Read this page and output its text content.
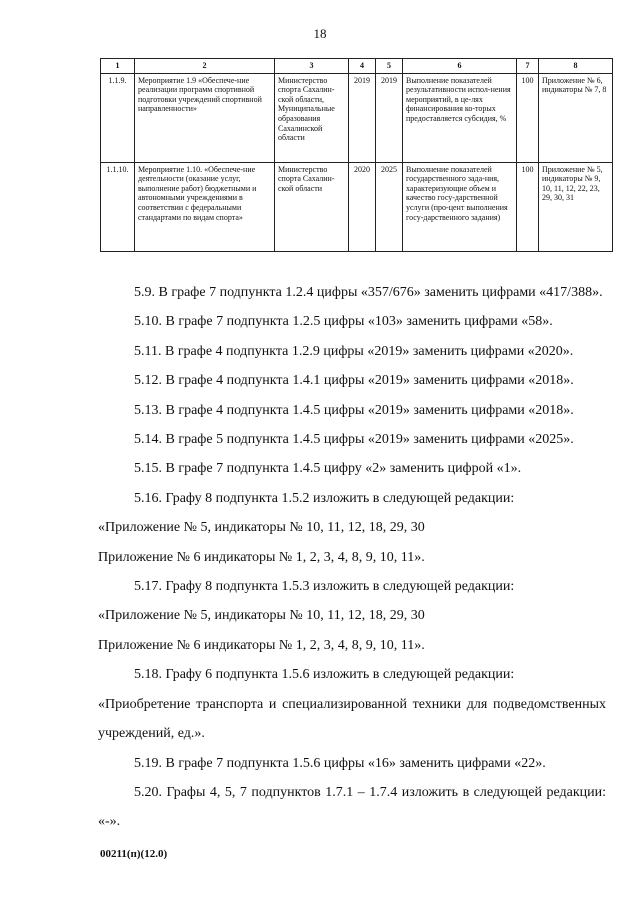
18
1	2	3	4	5	6	7	8
1.1.9.	Мероприятие 1.9 «Обеспече-ние реализации программ спортивной подготовки учреждений спортивной направленности»	Министерство спорта Сахалин-ской области, Муниципальные образования Сахалинской области	2019	2019	Выполнение показателей результативности испол-нения мероприятий, в це-лях финансирования ко-торых предоставляется субсидия, %	100	Приложение № 6, индикаторы № 7, 8
1.1.10.	Мероприятие 1.10. «Обеспече-ние деятельности (оказание услуг, выполнение работ) бюджетными и автономными учреждениями в соответствии с федеральными стандартами по видам спорта»	Министерство спорта Сахалин-ской области	2020	2025	Выполнение показателей государственного зада-ния, характеризующие объем и качество госу-дарственной услуги (про-цент выполнения госу-дарственного задания)	100	Приложение № 5, индикаторы № 9, 10, 11, 12, 22, 23, 29, 30, 31

5.9. В графе 7 подпункта 1.2.4 цифры «357/676» заменить цифрами «417/388».

5.10. В графе 7 подпункта 1.2.5 цифры «103» заменить цифрами «58».

5.11. В графе 4 подпункта 1.2.9 цифры «2019» заменить цифрами «2020».

5.12. В графе 4 подпункта 1.4.1 цифры «2019» заменить цифрами «2018».

5.13. В графе 4 подпункта 1.4.5 цифры «2019» заменить цифрами «2018».

5.14. В графе 5 подпункта 1.4.5 цифры «2019» заменить цифрами «2025».

5.15. В графе 7 подпункта 1.4.5 цифру «2» заменить цифрой «1».

5.16. Графу 8 подпункта 1.5.2 изложить в следующей редакции:

«Приложение № 5, индикаторы № 10, 11, 12, 18, 29, 30

Приложение № 6 индикаторы № 1, 2, 3, 4, 8, 9, 10, 11».

5.17. Графу 8 подпункта 1.5.3 изложить в следующей редакции:

«Приложение № 5, индикаторы № 10, 11, 12, 18, 29, 30

Приложение № 6 индикаторы № 1, 2, 3, 4, 8, 9, 10, 11».

5.18. Графу 6 подпункта 1.5.6 изложить в следующей редакции:

«Приобретение транспорта и специализированной техники для подведомственных учреждений, ед.».

5.19. В графе 7 подпункта 1.5.6 цифры «16» заменить цифрами «22».

5.20. Графы 4, 5, 7 подпунктов 1.7.1 – 1.7.4 изложить в следующей редакции: «-».

00211(п)(12.0)
